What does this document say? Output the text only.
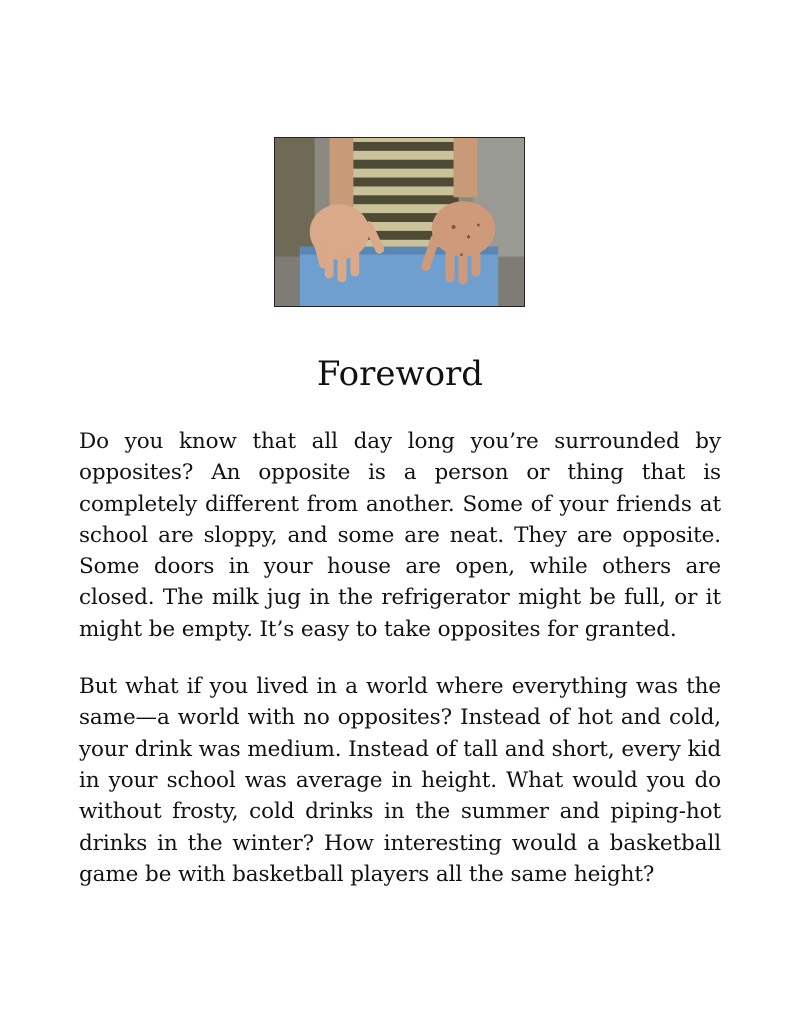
Foreword

Do you know that all day long you’re surrounded by opposites? An opposite is a person or thing that is completely different from another. Some of your friends at school are sloppy, and some are neat. They are opposite. Some doors in your house are open, while others are closed. The milk jug in the refrigerator might be full, or it might be empty. It’s easy to take opposites for granted.

But what if you lived in a world where everything was the same—a world with no opposites? Instead of hot and cold, your drink was medium. Instead of tall and short, every kid in your school was average in height. What would you do without frosty, cold drinks in the summer and piping-hot drinks in the winter? How interesting would a basketball game be with basketball players all the same height?
